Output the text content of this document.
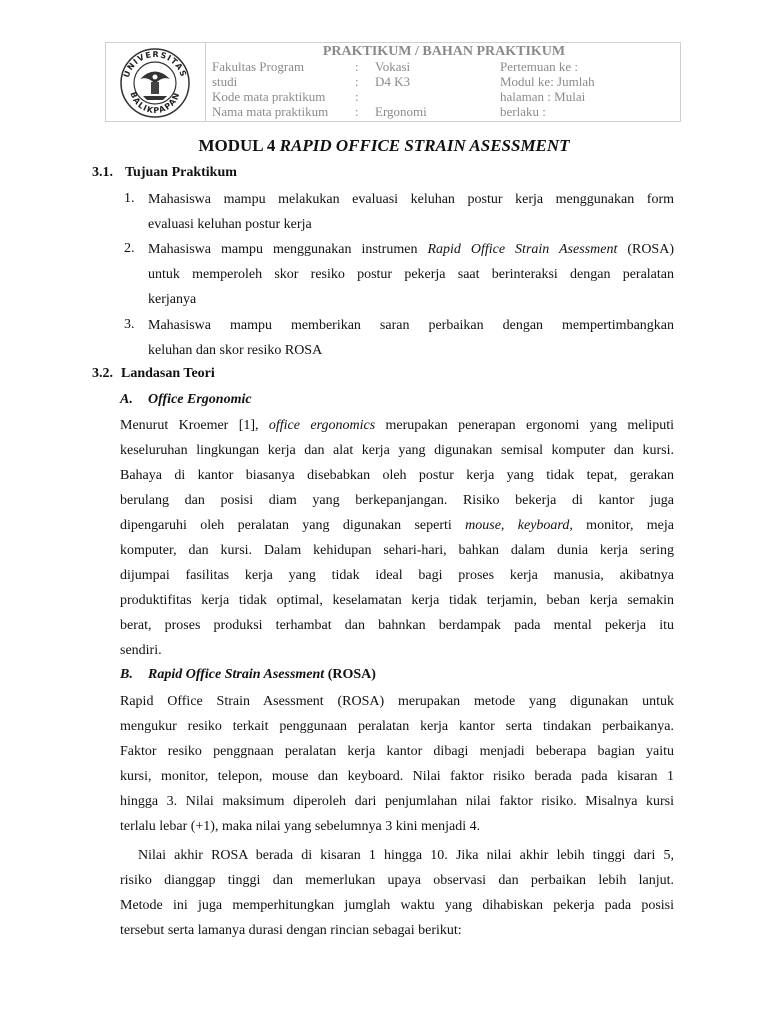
UNIVERSITAS
BALIKPAPAN
PRAKTIKUM / BAHAN PRAKTIKUM
Fakultas Program	: Vokasi	Pertemuan ke :
studi	: D4 K3	Modul ke: Jumlah
Kode mata praktikum :	halaman : Mulai
Nama mata praktikum : Ergonomi	berlaku :
MODUL 4 RAPID OFFICE STRAIN ASESSMENT
3.1. Tujuan Praktikum
1. Mahasiswa mampu melakukan evaluasi keluhan postur kerja menggunakan form
evaluasi keluhan postur kerja
2. Mahasiswa mampu menggunakan instrumen Rapid Office Strain Asessment (ROSA)
untuk memperoleh skor resiko postur pekerja saat berinteraksi dengan peralatan
kerjanya
3. Mahasiswa mampu memberikan saran perbaikan dengan mempertimbangkan
keluhan dan skor resiko ROSA
3.2. Landasan Teori
A. Office Ergonomic
Menurut Kroemer [1], office ergonomics merupakan penerapan ergonomi yang meliputi
keseluruhan lingkungan kerja dan alat kerja yang digunakan semisal komputer dan kursi.
Bahaya di kantor biasanya disebabkan oleh postur kerja yang tidak tepat, gerakan
berulang dan posisi diam yang berkepanjangan. Risiko bekerja di kantor juga
dipengaruhi oleh peralatan yang digunakan seperti mouse, keyboard, monitor, meja
komputer, dan kursi. Dalam kehidupan sehari-hari, bahkan dalam dunia kerja sering
dijumpai fasilitas kerja yang tidak ideal bagi proses kerja manusia, akibatnya
produktifitas kerja tidak optimal, keselamatan kerja tidak terjamin, beban kerja semakin
berat, proses produksi terhambat dan bahnkan berdampak pada mental pekerja itu
sendiri.
B. Rapid Office Strain Asessment (ROSA)
Rapid Office Strain Asessment (ROSA) merupakan metode yang digunakan untuk
mengukur resiko terkait penggunaan peralatan kerja kantor serta tindakan perbaikanya.
Faktor resiko penggnaan peralatan kerja kantor dibagi menjadi beberapa bagian yaitu
kursi, monitor, telepon, mouse dan keyboard. Nilai faktor risiko berada pada kisaran 1
hingga 3. Nilai maksimum diperoleh dari penjumlahan nilai faktor risiko. Misalnya kursi
terlalu lebar (+1), maka nilai yang sebelumnya 3 kini menjadi 4.
Nilai akhir ROSA berada di kisaran 1 hingga 10. Jika nilai akhir lebih tinggi dari 5,
risiko dianggap tinggi dan memerlukan upaya observasi dan perbaikan lebih lanjut.
Metode ini juga memperhitungkan jumglah waktu yang dihabiskan pekerja pada posisi
tersebut serta lamanya durasi dengan rincian sebagai berikut:
